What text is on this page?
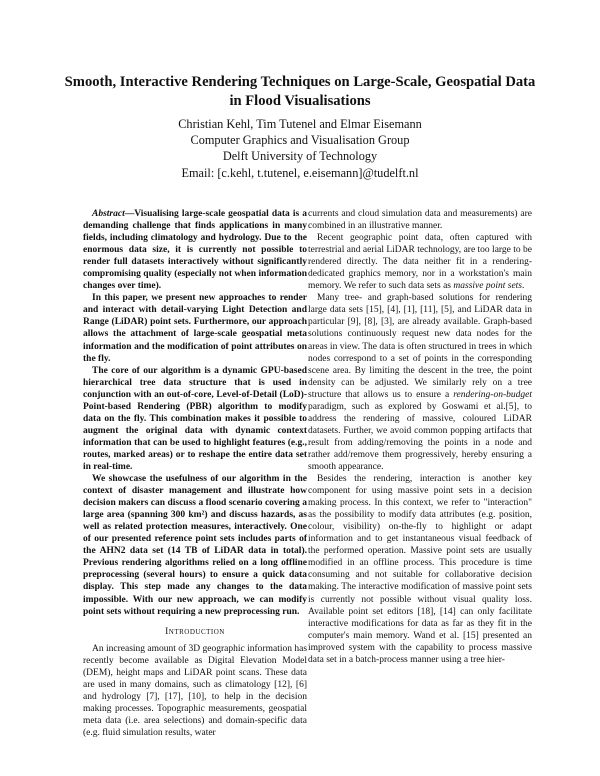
Smooth, Interactive Rendering Techniques on Large-Scale, Geospatial Data in Flood Visualisations
Christian Kehl, Tim Tutenel and Elmar Eisemann
Computer Graphics and Visualisation Group
Delft University of Technology
Email: [c.kehl, t.tutenel, e.eisemann]@tudelft.nl

Abstract—Visualising large-scale geospatial data is a demanding challenge that finds applications in many fields, including climatology and hydrology. Due to the enormous data size, it is currently not possible to render full datasets interactively without significantly compromising quality (especially not when information changes over time).

In this paper, we present new approaches to render and interact with detail-varying Light Detection and Range (LiDAR) point sets. Furthermore, our approach allows the attachment of large-scale geospatial meta information and the modification of point attributes on the fly.

The core of our algorithm is a dynamic GPU-based hierarchical tree data structure that is used in conjunction with an out-of-core, Level-of-Detail (LoD)-Point-based Rendering (PBR) algorithm to modify data on the fly. This combination makes it possible to augment the original data with dynamic context information that can be used to highlight features (e.g., routes, marked areas) or to reshape the entire data set in real-time.

We showcase the usefulness of our algorithm in the context of disaster management and illustrate how decision makers can discuss a flood scenario covering a large area (spanning 300 km²) and discuss hazards, as well as related protection measures, interactively. One of our presented reference point sets includes parts of the AHN2 data set (14 TB of LiDAR data in total). Previous rendering algorithms relied on a long offline preprocessing (several hours) to ensure a quick data display. This step made any changes to the data impossible. With our new approach, we can modify point sets without requiring a new preprocessing run.

Introduction

An increasing amount of 3D geographic information has recently become available as Digital Elevation Model (DEM), height maps and LiDAR point scans. These data are used in many domains, such as climatology [12], [6] and hydrology [7], [17], [10], to help in the decision making processes. Topographic measurements, geospatial meta data (i.e. area selections) and domain-specific data (e.g. fluid simulation results, water

currents and cloud simulation data and measurements) are combined in an illustrative manner.

Recent geographic point data, often captured with terrestrial and aerial LiDAR technology, are too large to be rendered directly. The data neither fit in a rendering-dedicated graphics memory, nor in a workstation's main memory. We refer to such data sets as massive point sets.

Many tree- and graph-based solutions for rendering large data sets [15], [4], [1], [11], [5], and LiDAR data in particular [9], [8], [3], are already available. Graph-based solutions continuously request new data nodes for the areas in view. The data is often structured in trees in which nodes correspond to a set of points in the corresponding scene area. By limiting the descent in the tree, the point density can be adjusted. We similarly rely on a tree structure that allows us to ensure a rendering-on-budget paradigm, such as explored by Goswami et al.[5], to address the rendering of massive, coloured LiDAR datasets. Further, we avoid common popping artifacts that result from adding/removing the points in a node and rather add/remove them progressively, hereby ensuring a smooth appearance.

Besides the rendering, interaction is another key component for using massive point sets in a decision making process. In this context, we refer to "interaction" as the possibility to modify data attributes (e.g. position, colour, visibility) on-the-fly to highlight or adapt information and to get instantaneous visual feedback of the performed operation. Massive point sets are usually modified in an offline process. This procedure is time consuming and not suitable for collaborative decision making. The interactive modification of massive point sets is currently not possible without visual quality loss. Available point set editors [18], [14] can only facilitate interactive modifications for data as far as they fit in the computer's main memory. Wand et al. [15] presented an improved system with the capability to process massive data set in a batch-process manner using a tree hier-
